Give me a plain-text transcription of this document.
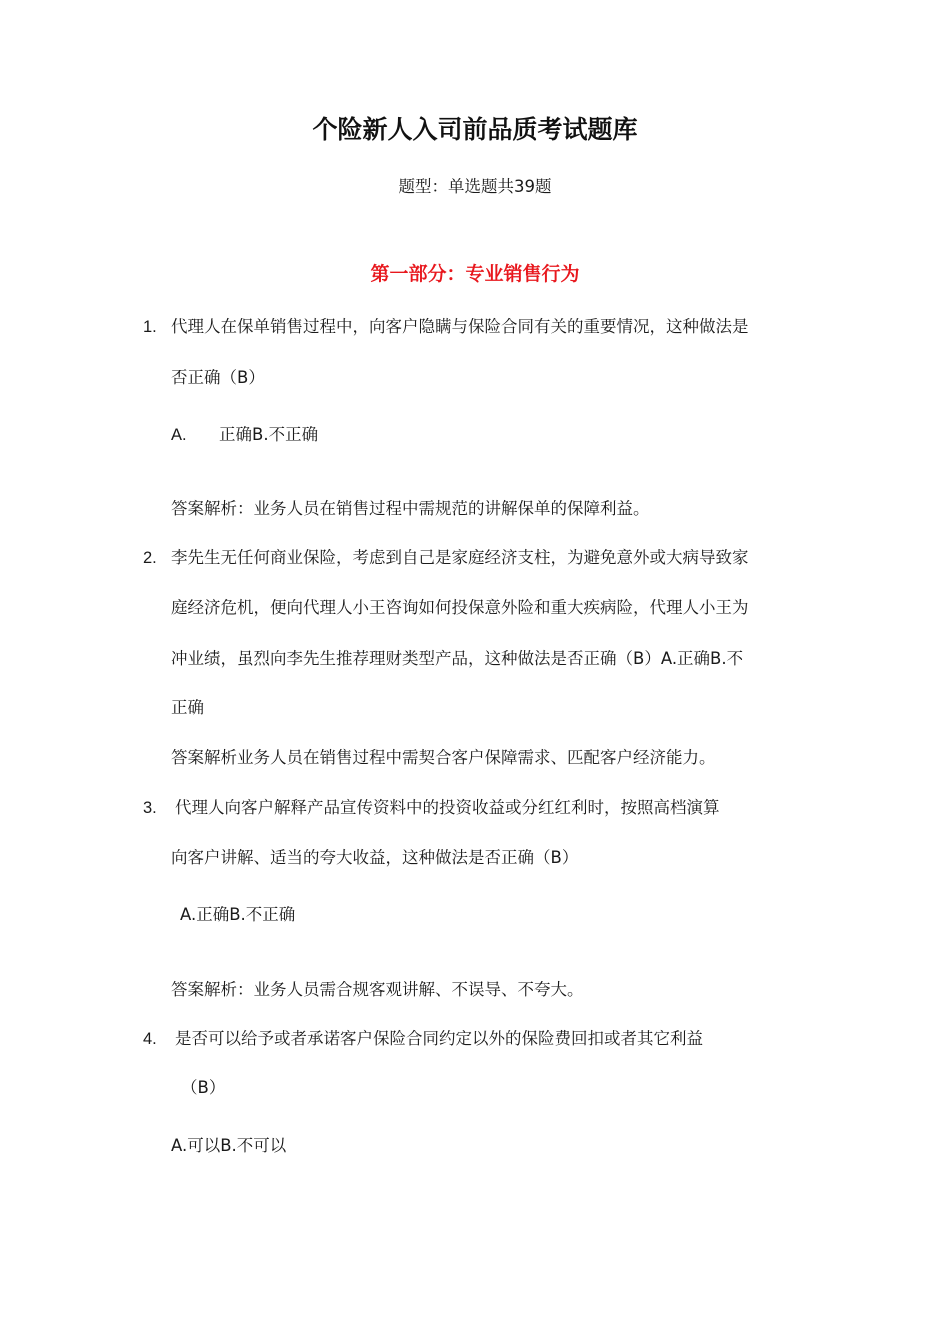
个险新人入司前品质考试题库
题型：单选题共39题
第一部分：专业销售行为
1. 代理人在保单销售过程中，向客户隐瞒与保险合同有关的重要情况，这种做法是
否正确（B）
A. 正确B.不正确
答案解析：业务人员在销售过程中需规范的讲解保单的保障利益。
2. 李先生无任何商业保险，考虑到自己是家庭经济支柱，为避免意外或大病导致家
庭经济危机，便向代理人小王咨询如何投保意外险和重大疾病险，代理人小王为
冲业绩，虽烈向李先生推荐理财类型产品，这种做法是否正确（B）A.正确B.不
正确
答案解析业务人员在销售过程中需契合客户保障需求、匹配客户经济能力。
3. 代理人向客户解释产品宣传资料中的投资收益或分红红利时，按照高档演算
向客户讲解、适当的夸大收益，这种做法是否正确（B）
A.正确B.不正确
答案解析：业务人员需合规客观讲解、不误导、不夸大。
4. 是否可以给予或者承诺客户保险合同约定以外的保险费回扣或者其它利益
（B）
A.可以B.不可以
